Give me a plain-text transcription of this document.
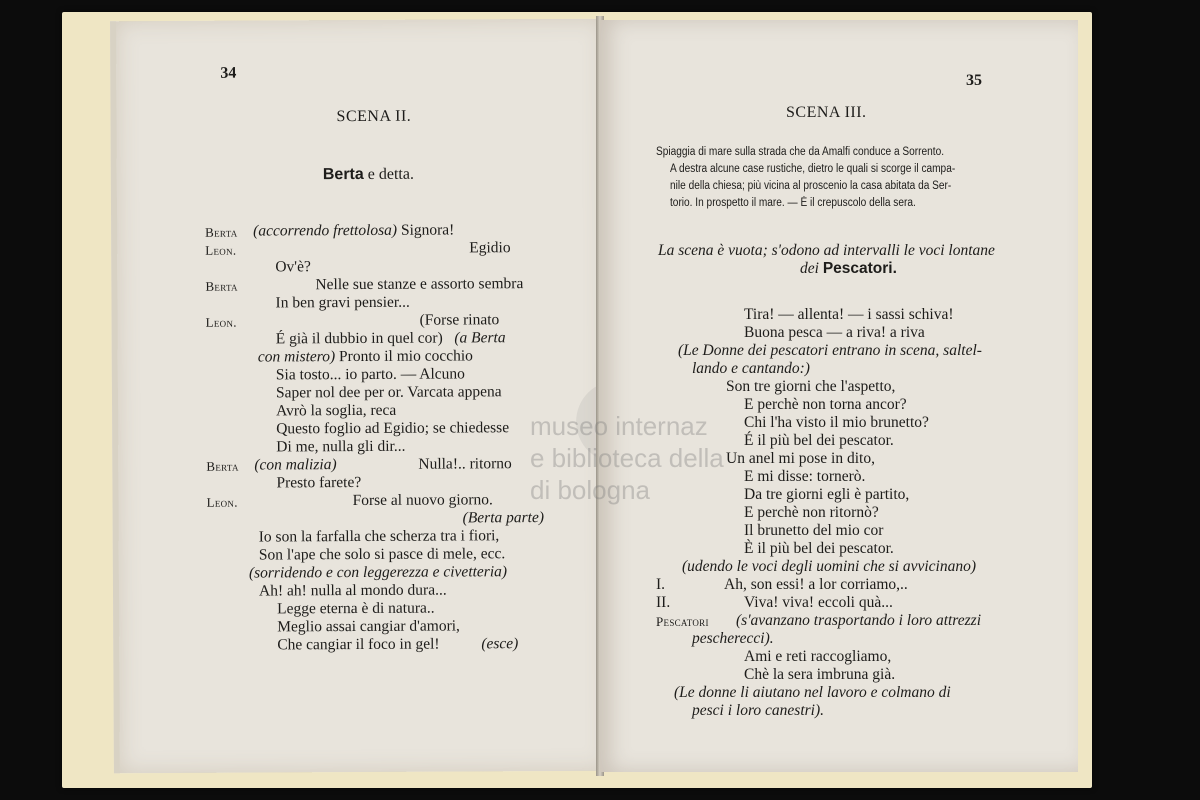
34
SCENA II.
Berta e detta.
Berta (accorrendo frettolosa) Signora!
Leon.	Egidio
Ov'è?
Berta	Nelle sue stanze e assorto sembra
In ben gravi pensier...
Leon.	(Forse rinato
É già il dubbio in quel cor)   (a Berta
con mistero) Pronto il mio cocchio
Sia tosto... io parto. — Alcuno
Saper nol dee per or. Varcata appena
Avrò la soglia, reca
Questo foglio ad Egidio; se chiedesse
Di me, nulla gli dir...
Berta (con malizia)	Nulla!.. ritorno
Presto farete?
Leon.	Forse al nuovo giorno.
(Berta parte)
Io son la farfalla che scherza tra i fiori,
Son l'ape che solo si pasce di mele, ecc.
(sorridendo e con leggerezza e civetteria)
Ah! ah! nulla al mondo dura...
Legge eterna è di natura..
Meglio assai cangiar d'amori,
Che cangiar il foco in gel!	(esce)
35
SCENA III.
Spiaggia di mare sulla strada che da Amalfi conduce a Sorrento.
A destra alcune case rustiche, dietro le quali si scorge il campa-
nile della chiesa; più vicina al proscenio la casa abitata da Ser-
torio. In prospetto il mare. — È il crepuscolo della sera.
La scena è vuota; s'odono ad intervalli le voci lontane
dei Pescatori.
Tira! — allenta! — i sassi schiva!
Buona pesca — a riva! a riva
(Le Donne dei pescatori entrano in scena, saltel-
lando e cantando:)
Son tre giorni che l'aspetto,
E perchè non torna ancor?
Chi l'ha visto il mio brunetto?
É il più bel dei pescator.
Un anel mi pose in dito,
E mi disse: tornerò.
Da tre giorni egli è partito,
E perchè non ritornò?
Il brunetto del mio cor
È il più bel dei pescator.
(udendo le voci degli uomini che si avvicinano)
I.	Ah, son essi! a lor corriamo,..
II.	Viva! viva! eccoli quà...
Pescatori (s'avanzano trasportando i loro attrezzi
pescherecci).
Ami e reti raccogliamo,
Chè la sera imbruna già.
(Le donne li aiutano nel lavoro e colmano di
pesci i loro canestri).
museo internaz
e biblioteca della
di bologna
